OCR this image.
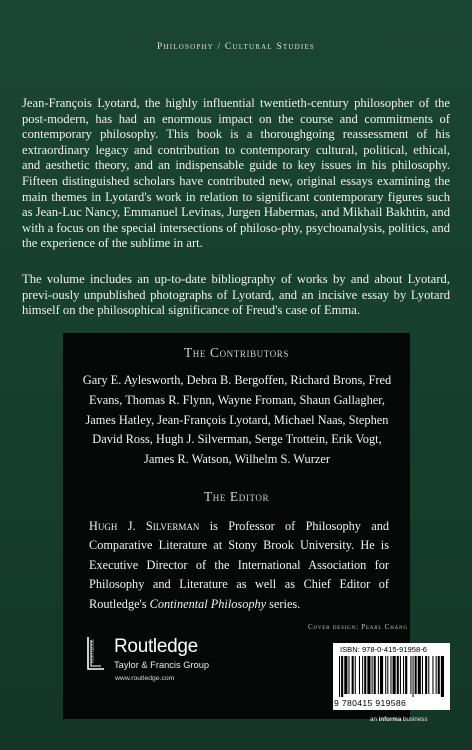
Philosophy / Cultural Studies

Jean-François Lyotard, the highly influential twentieth-century philosopher of the post-modern, has had an enormous impact on the course and commitments of contemporary philosophy. This book is a thoroughgoing reassessment of his extraordinary legacy and contribution to contemporary cultural, political, ethical, and aesthetic theory, and an indispensable guide to key issues in his philosophy. Fifteen distinguished scholars have contributed new, original essays examining the main themes in Lyotard's work in relation to significant contemporary figures such as Jean-Luc Nancy, Emmanuel Levinas, Jurgen Habermas, and Mikhail Bakhtin, and with a focus on the special intersections of philoso-phy, psychoanalysis, politics, and the experience of the sublime in art.

The volume includes an up-to-date bibliography of works by and about Lyotard, previ-ously unpublished photographs of Lyotard, and an incisive essay by Lyotard himself on the philosophical significance of Freud's case of Emma.

The Contributors
Gary E. Aylesworth, Debra B. Bergoffen, Richard Brons, Fred Evans, Thomas R. Flynn, Wayne Froman, Shaun Gallagher, James Hatley, Jean-François Lyotard, Michael Naas, Stephen David Ross, Hugh J. Silverman, Serge Trottein, Erik Vogt, James R. Watson, Wilhelm S. Wurzer
The Editor
Hugh J. Silverman is Professor of Philosophy and Comparative Literature at Stony Brook University. He is Executive Director of the International Association for Philosophy and Literature as well as Chief Editor of Routledge's Continental Philosophy series.
Cover design: Pearl Chang
ROUTLEDGE Routledge
Taylor & Francis Group
www.routledge.com
ISBN: 978-0-415-91958-6
9 780415 919586
an informa business
